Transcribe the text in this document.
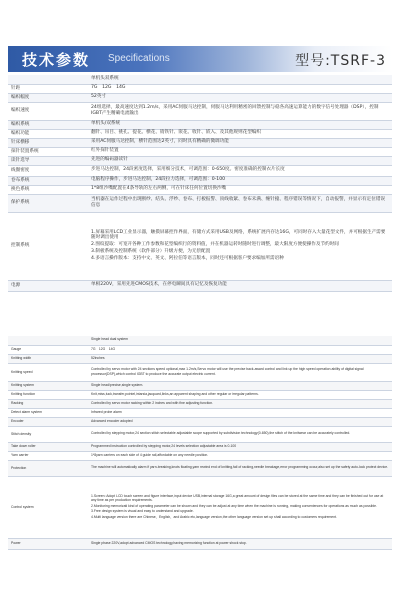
技术参数 Specifications	型号:TSRF-3

	单机头双系统

针距	7G　12G　14G

编织幅度	52英寸

编织速度	24组选择，最高速度达到1.2m/s，采用AC伺服马达控制，伺服马达利用精密的回馈控制与稳各高速运算能力的数字信号处理器（DSP），控制IGBT产生精确电流输出

编织系统	单机头/双系统

编织功能	翻针、吊目、挑孔、提花、横花、销铁针、嵌花、收针、嵌入、及其他规则花型编织

针床横移	采用AC伺服马达控制，横针范围达2英寸，同时具有精确的微调功能

探针装置系统	红外探针装置

读针选导	先进的编码器读针

线圈密度	步进马达控制，24段密度选择，采用细分技术，可调范围：0-650度。密度准确的控制衣片长度

卷布系统	电脑程序操作，步进马达控制，24段拉力选择，可调范围：0-100

换色系统	1*8组沙嘴配置在4条导轨的左右两侧，可在针床任何位置切换沙嘴

保护系统	当机器在运作过程中出现断纱、结头、浮纱、卷布、打板报警、顶线收紧、卷布未满、缠针撞、程序错误等情况下，自动报警，并显示有定位错误信息

控制系统	1.屏幕采用LCD工业显示器，触摸屏幕控作界面，有储方式采用USB及网络，系统扩展内存达16G，可同时存入大量花型文件，并可根据生产需要随时调出使用
2.图纹提取：可宽开各种工作参数和花型编织行的资料值，并在机器运转时随时进行调整，最大限度方便使操作及节约时间
3.制板系统及控制系统（软件部分）升级方便，为无偿配置
4.多语言操作版本：支持中文、英文、阿拉伯等语言版本，同时还可根据客户要求编加所需语种

电源	单相220V，采用先进CMOS技术，在停电瞬间具有记忆及恢复功能

	Single head dual system

Gauge	7G　12G　14G

Knitting width	52inches

Knitting speed	Controlled by servo motor with 24 sections speed optional,max 1.2m/s,Servo motor will use the precise back-award control and link up the high speed operation ability of digital signal processor(DSP),which control IGBT to produce the accurate output electric current.

Knitting system	Single head/precise,single system.

Knitting function	Knit,miss,tuck,transfer,pointel,intarsia,jacquard,links,an apparent shaping and other regular or irregular patterns.

Racking	Controlled by servo motor racking within 2 inches and with fine adjusting function.

Detect alarm system	Infrared probe alarm

Encoder	Advanced encoder adopted

Stitch density	Controlled by stepping motor,24 section stitch selectable adjustable scope supported by subdivision technology(0-650),the stitch of the knitwear can be accurately controlled.

Take down roller	Programmed instruction controlled by stepping motor,24 levels selection adjustable area is 0-100

Yarn carrier	1*8yarn carriers on each side of 4 guide rail,affordable on any needle position.

Protection	The machine will automatically alarm if yarn-breaking,knots floating,yarn rewind end of knitting,fail of racking,needle breakage,error programming occur,also set up the safety auto-lock protect device.

Control system	1.Screen: Adopt LCD touch screen and figure interface,input device USB,internal storage 16G,a great amount of design files can be stored at the same time and they can be finished out for use at any time as per production requirements.
2.Monitoring memorizati kind of operating parameter can be shown and they can be adjust at any time when the machine is running, making conveniences for operations as much as possible.
3.Free design system is visual and easy to understand and upgrade.
4.Multi language version there are Chinese、English、and Arabic etc,language version,the other language version set up shall according to customers requirement.

Power	Single phase 220V,adopt advanced CMOS technology,having memorizing function at power shock stop.
